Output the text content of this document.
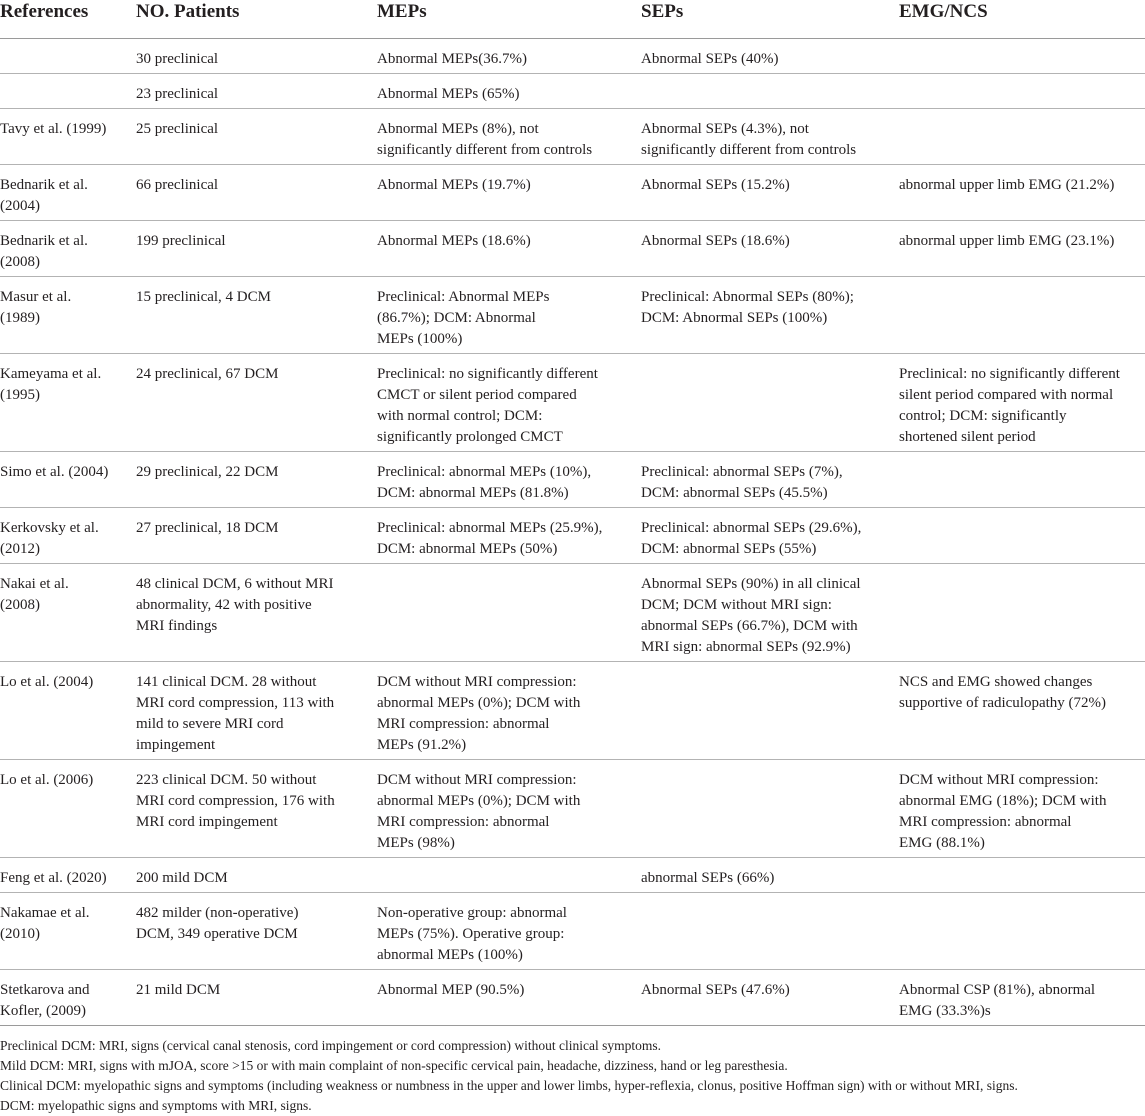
References	NO. Patients	MEPs	SEPs	EMG/NCS

	30 preclinical	Abnormal MEPs(36.7%)	Abnormal SEPs (40%)	

	23 preclinical	Abnormal MEPs (65%)		

Tavy et al. (1999)	25 preclinical	Abnormal MEPs (8%), not
significantly different from controls	Abnormal SEPs (4.3%), not
significantly different from controls	

Bednarik et al.
(2004)	66 preclinical	Abnormal MEPs (19.7%)	Abnormal SEPs (15.2%)	abnormal upper limb EMG (21.2%)

Bednarik et al.
(2008)	199 preclinical	Abnormal MEPs (18.6%)	Abnormal SEPs (18.6%)	abnormal upper limb EMG (23.1%)

Masur et al.
(1989)	15 preclinical, 4 DCM	Preclinical: Abnormal MEPs
(86.7%); DCM: Abnormal
MEPs (100%)	Preclinical: Abnormal SEPs (80%);
DCM: Abnormal SEPs (100%)	

Kameyama et al.
(1995)	24 preclinical, 67 DCM	Preclinical: no significantly different
CMCT or silent period compared
with normal control; DCM:
significantly prolonged CMCT		Preclinical: no significantly different
silent period compared with normal
control; DCM: significantly
shortened silent period

Simo et al. (2004)	29 preclinical, 22 DCM	Preclinical: abnormal MEPs (10%),
DCM: abnormal MEPs (81.8%)	Preclinical: abnormal SEPs (7%),
DCM: abnormal SEPs (45.5%)	

Kerkovsky et al.
(2012)	27 preclinical, 18 DCM	Preclinical: abnormal MEPs (25.9%),
DCM: abnormal MEPs (50%)	Preclinical: abnormal SEPs (29.6%),
DCM: abnormal SEPs (55%)	

Nakai et al.
(2008)	48 clinical DCM, 6 without MRI
abnormality, 42 with positive
MRI findings		Abnormal SEPs (90%) in all clinical
DCM; DCM without MRI sign:
abnormal SEPs (66.7%), DCM with
MRI sign: abnormal SEPs (92.9%)	

Lo et al. (2004)	141 clinical DCM. 28 without
MRI cord compression, 113 with
mild to severe MRI cord
impingement	DCM without MRI compression:
abnormal MEPs (0%); DCM with
MRI compression: abnormal
MEPs (91.2%)		NCS and EMG showed changes
supportive of radiculopathy (72%)

Lo et al. (2006)	223 clinical DCM. 50 without
MRI cord compression, 176 with
MRI cord impingement	DCM without MRI compression:
abnormal MEPs (0%); DCM with
MRI compression: abnormal
MEPs (98%)		DCM without MRI compression:
abnormal EMG (18%); DCM with
MRI compression: abnormal
EMG (88.1%)

Feng et al. (2020)	200 mild DCM		abnormal SEPs (66%)	

Nakamae et al.
(2010)	482 milder (non-operative)
DCM, 349 operative DCM	Non-operative group: abnormal
MEPs (75%). Operative group:
abnormal MEPs (100%)		

Stetkarova and
Kofler, (2009)	21 mild DCM	Abnormal MEP (90.5%)	Abnormal SEPs (47.6%)	Abnormal CSP (81%), abnormal
EMG (33.3%)s
Preclinical DCM: MRI, signs (cervical canal stenosis, cord impingement or cord compression) without clinical symptoms.
Mild DCM: MRI, signs with mJOA, score >15 or with main complaint of non-specific cervical pain, headache, dizziness, hand or leg paresthesia.
Clinical DCM: myelopathic signs and symptoms (including weakness or numbness in the upper and lower limbs, hyper-reflexia, clonus, positive Hoffman sign) with or without MRI, signs.
DCM: myelopathic signs and symptoms with MRI, signs.
